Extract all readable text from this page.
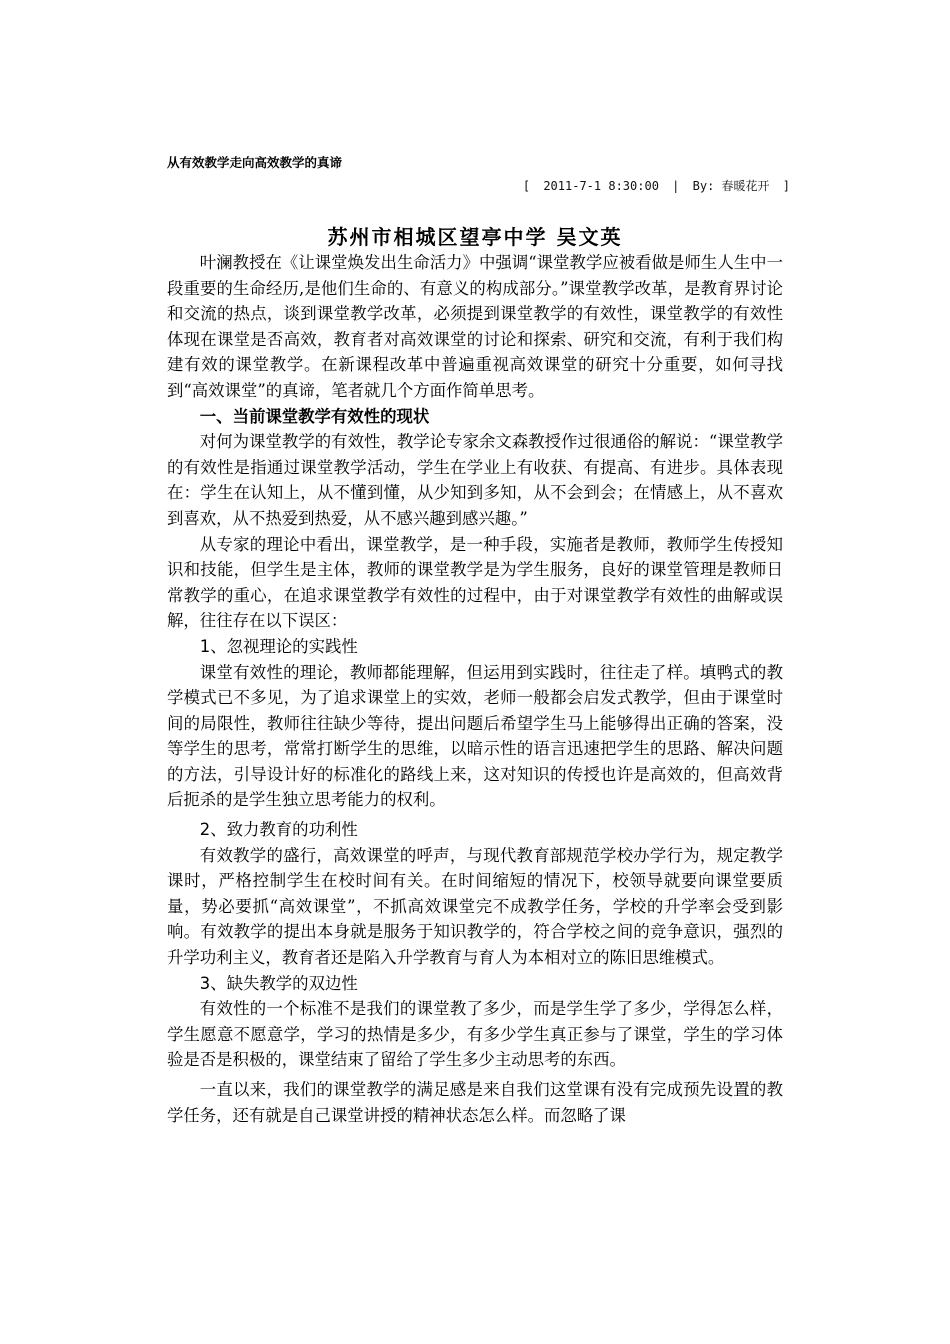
从有效教学走向高效教学的真谛
[ 2011-7-1 8:30:00 | By: 春暖花开 ]
苏州市相城区望亭中学 吴文英

叶澜教授在《让课堂焕发出生命活力》中强调“课堂教学应被看做是师生人生中一段重要的生命经历,是他们生命的、有意义的构成部分。”课堂教学改革，是教育界讨论和交流的热点，谈到课堂教学改革，必须提到课堂教学的有效性，课堂教学的有效性体现在课堂是否高效，教育者对高效课堂的讨论和探索、研究和交流，有利于我们构建有效的课堂教学。在新课程改革中普遍重视高效课堂的研究十分重要，如何寻找到“高效课堂”的真谛，笔者就几个方面作简单思考。

一、当前课堂教学有效性的现状

对何为课堂教学的有效性，教学论专家余文森教授作过很通俗的解说：“课堂教学的有效性是指通过课堂教学活动，学生在学业上有收获、有提高、有进步。具体表现在：学生在认知上，从不懂到懂，从少知到多知，从不会到会；在情感上，从不喜欢到喜欢，从不热爱到热爱，从不感兴趣到感兴趣。”

从专家的理论中看出，课堂教学，是一种手段，实施者是教师，教师学生传授知识和技能，但学生是主体，教师的课堂教学是为学生服务，良好的课堂管理是教师日常教学的重心，在追求课堂教学有效性的过程中，由于对课堂教学有效性的曲解或误解，往往存在以下误区：

1、忽视理论的实践性

课堂有效性的理论，教师都能理解，但运用到实践时，往往走了样。填鸭式的教学模式已不多见，为了追求课堂上的实效，老师一般都会启发式教学，但由于课堂时间的局限性，教师往往缺少等待，提出问题后希望学生马上能够得出正确的答案，没等学生的思考，常常打断学生的思维，以暗示性的语言迅速把学生的思路、解决问题的方法，引导设计好的标准化的路线上来，这对知识的传授也许是高效的，但高效背后扼杀的是学生独立思考能力的权利。

2、致力教育的功利性

有效教学的盛行，高效课堂的呼声，与现代教育部规范学校办学行为，规定教学课时，严格控制学生在校时间有关。在时间缩短的情况下，校领导就要向课堂要质量，势必要抓“高效课堂”，不抓高效课堂完不成教学任务，学校的升学率会受到影响。有效教学的提出本身就是服务于知识教学的，符合学校之间的竞争意识，强烈的升学功利主义，教育者还是陷入升学教育与育人为本相对立的陈旧思维模式。

3、缺失教学的双边性

有效性的一个标准不是我们的课堂教了多少，而是学生学了多少，学得怎么样，学生愿意不愿意学，学习的热情是多少，有多少学生真正参与了课堂，学生的学习体验是否是积极的，课堂结束了留给了学生多少主动思考的东西。

一直以来，我们的课堂教学的满足感是来自我们这堂课有没有完成预先设置的教学任务，还有就是自己课堂讲授的精神状态怎么样。而忽略了课
